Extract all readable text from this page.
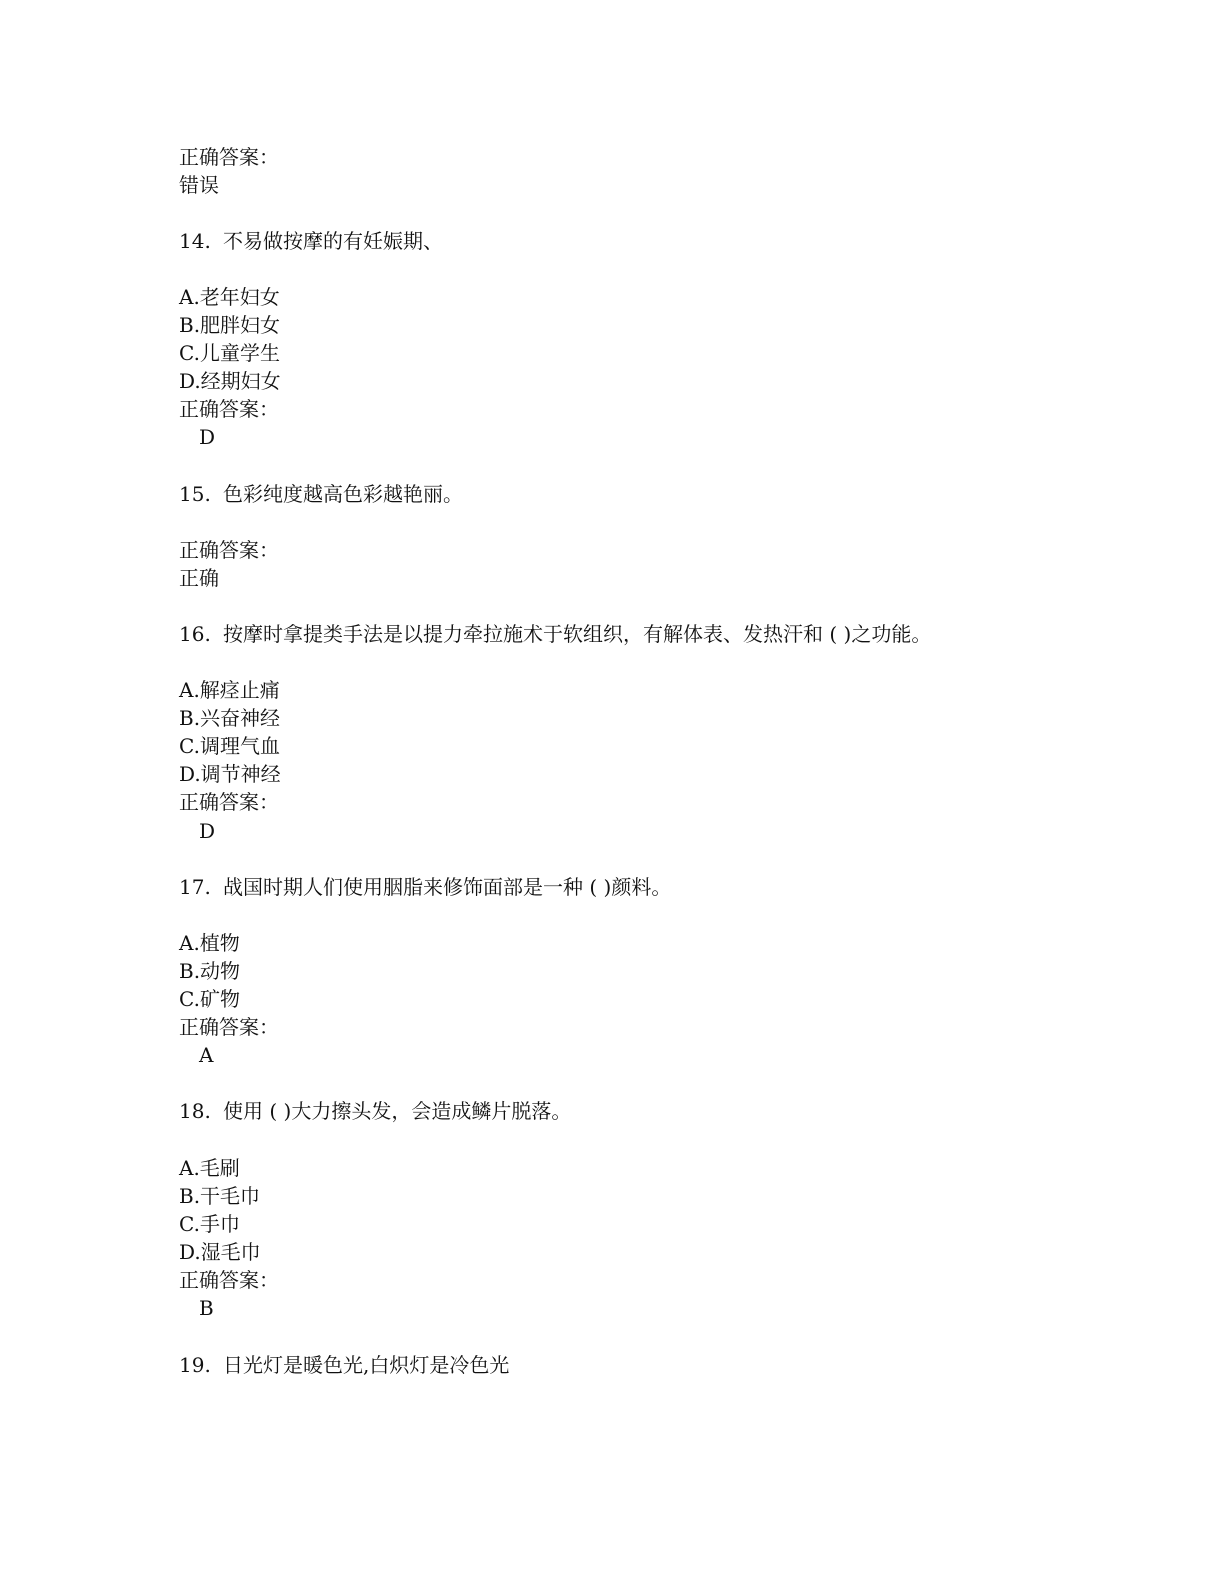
正确答案：
错误
14. 不易做按摩的有妊娠期、
A.老年妇女
B.肥胖妇女
C.儿童学生
D.经期妇女
正确答案：
D
15. 色彩纯度越高色彩越艳丽。
正确答案：
正确
16. 按摩时拿提类手法是以提力牵拉施术于软组织，有解体表、发热汗和 ( )之功能。
A.解痉止痛
B.兴奋神经
C.调理气血
D.调节神经
正确答案：
D
17. 战国时期人们使用胭脂来修饰面部是一种 ( )颜料。
A.植物
B.动物
C.矿物
正确答案：
A
18. 使用 ( )大力擦头发，会造成鳞片脱落。
A.毛刷
B.干毛巾
C.手巾
D.湿毛巾
正确答案：
B
19. 日光灯是暖色光,白炽灯是冷色光
